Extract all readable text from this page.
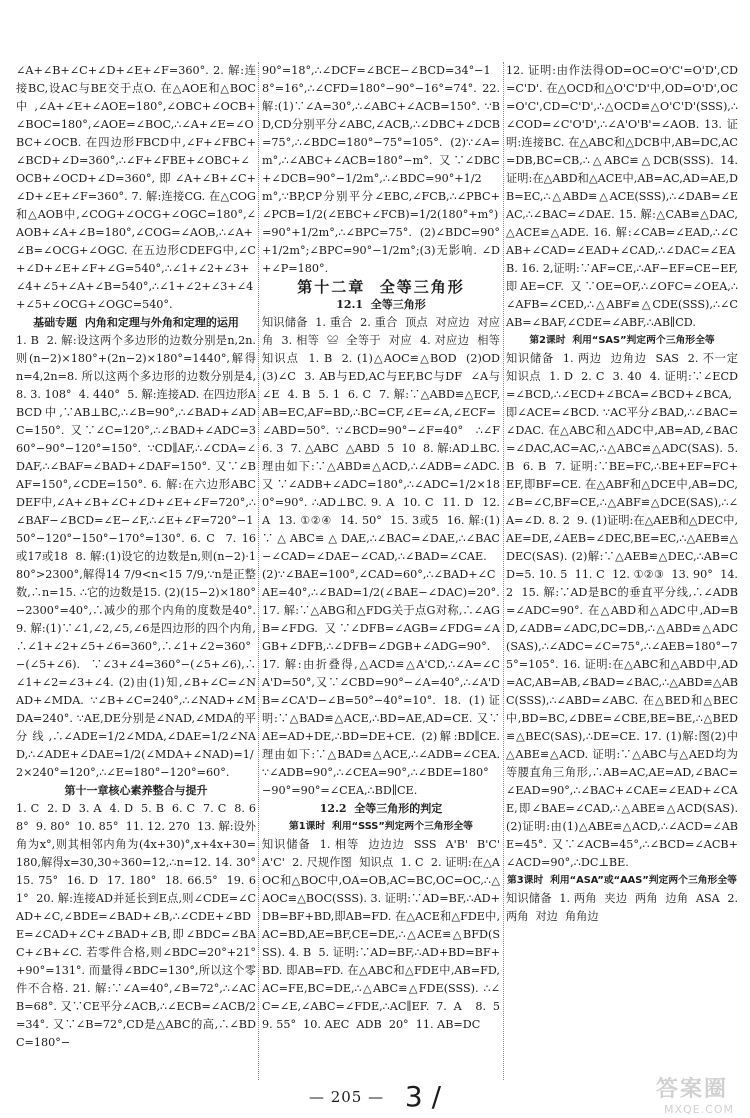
∠A+∠B+∠C+∠D+∠E+∠F=360°. 2. 解:连接BC,设AC与BE交于点O. 在△AOE和△BOC中,∠A+∠E+∠AOE=180°,∠OBC+∠OCB+∠BOC=180°,∠AOE=∠BOC,∴∠A+∠E=∠OBC+∠OCB. 在四边形FBCD中,∠F+∠FBC+∠BCD+∠D=360°,∴∠F+∠FBE+∠OBC+∠OCB+∠OCD+∠D=360°,即∠A+∠B+∠C+∠D+∠E+∠F=360°. 7. 解:连接CG. 在△COG和△AOB中,∠COG+∠OCG+∠OGC=180°,∠AOB+∠A+∠B=180°,∠COG=∠AOB,∴∠A+∠B=∠OCG+∠OGC. 在五边形CDEFG中,∠C+∠D+∠E+∠F+∠G=540°,∴∠1+∠2+∠3+∠4+∠5+∠A+∠B=540°,∴∠1+∠2+∠3+∠4+∠5+∠OCG+∠OGC=540°.

基础专题  内角和定理与外角和定理的运用

1. B  2. 解:设这两个多边形的边数分别是n,2n. 则(n−2)×180°+(2n−2)×180°=1440°,解得n=4,2n=8. 所以这两个多边形的边数分别是4,8. 3. 108°  4. 440°  5. 解:连接AD. 在四边形ABCD中,∵AB⊥BC,∴∠B=90°,∴∠BAD+∠ADC=150°. 又∵∠C=120°,∴∠BAD+∠ADC=360°−90°−120°=150°. ∵CD∥AF,∴∠CDA=∠DAF,∴∠BAF=∠BAD+∠DAF=150°. 又∵∠BAF=150°,∠CDE=150°. 6. 解:在六边形ABCDEF中,∠A+∠B+∠C+∠D+∠E+∠F=720°,∴∠BAF−∠BCD=∠E−∠F,∴∠E+∠F=720°−150°−120°−150°−170°=130°. 6. C  7. 16或17或18  8. 解:(1)设它的边数是n,则(n−2)·180°>2300°,解得14 7/9<n<15 7/9,∵n是正整数,∴n=15. ∴它的边数是15. (2)(15−2)×180°−2300°=40°,∴减少的那个内角的度数是40°. 9. 解:(1)∵∠1,∠2,∠5,∠6是四边形的四个内角,∴∠1+∠2+∠5+∠6=360°,∴∠1+∠2=360°−(∠5+∠6). ∵∠3+∠4=360°−(∠5+∠6),∴∠1+∠2=∠3+∠4. (2)由(1)知,∠B+∠C=∠NAD+∠MDA. ∵∠B+∠C=240°,∴∠NAD+∠MDA=240°. ∵AE,DE分别是∠NAD,∠MDA的平分线,∴∠ADE=1/2∠MDA,∠DAE=1/2∠NAD,∴∠ADE+∠DAE=1/2(∠MDA+∠NAD)=1/2×240°=120°,∴∠E=180°−120°=60°.

第十一章核心素养整合与提升

1. C  2. D  3. A  4. D  5. B  6. C  7. C  8. 68°  9. 80°  10. 85°  11. 12. 270  13. 解:设外角为x°,则其相邻内角为(4x+30)°,x+4x+30=180,解得x=30,30÷360=12,∴n=12. 14. 30°  15. 75°  16. D  17. 180°  18. 66.5°  19. 61°  20. 解:连接AD并延长到E点,则∠CDE=∠CAD+∠C,∠BDE=∠BAD+∠B,∴∠CDE+∠BDE=∠CAD+∠C+∠BAD+∠B,即∠BDC=∠BAC+∠B+∠C. 若零件合格,则∠BDC=20°+21°+90°=131°. 而量得∠BDC=130°,所以这个零件不合格. 21. 解:∵∠A=40°,∠B=72°,∴∠ACB=68°. 又∵CE平分∠ACB,∴∠ECB=∠ACB/2=34°. 又∵∠B=72°,CD是△ABC的高,∴∠BDC=180°−

90°=18°,∴∠DCF=∠BCE−∠BCD=34°−18°=16°,∴∠CFD=180°−90°−16°=74°. 22. 解:(1)∵∠A=30°,∴∠ABC+∠ACB=150°. ∵BD,CD分别平分∠ABC,∠ACB,∴∠DBC+∠DCB=75°,∴∠BDC=180°−75°=105°. (2)∵∠A=m°,∴∠ABC+∠ACB=180°−m°. 又∵∠DBC+∠DCB=90°−1/2m°,∴∠BDC=90°+1/2m°,∵BP,CP分别平分∠EBC,∠FCB,∴∠PBC+∠PCB=1/2(∠EBC+∠FCB)=1/2(180°+m°)=90°+1/2m°,∴∠BPC=75°. (2)∠BDC=90°+1/2m°;∠BPC=90°−1/2m°;(3)无影响. ∠D+∠P=180°.

第十二章  全等三角形

12.1  全等三角形

知识储备  1. 重合  2. 重合  顶点  对应边  对应角  3. 相等  ≌  全等于  对应  4. 对应边  相等  知识点  1. B  2. (1)△AOC≌△BOD  (2)OD  (3)∠C  3. AB与ED,AC与EF,BC与DF  ∠A与∠E  4. B  5. 1  6. C  7. 解:∵△ABD≌△ECF,AB=EC,AF=BD,∴BC=CF,∠E=∠A,∠ECF=∠ABD=50°. ∵∠BCD=90°−∠F=40°  ∴∠F  6. 3  7. △ABC  △ABD  5  10  8. 解:AD⊥BC. 理由如下:∵△ABD≌△ACD,∴∠ADB=∠ADC. 又∵∠ADB+∠ADC=180°,∴∠ADC=1/2×180°=90°. ∴AD⊥BC. 9. A  10. C  11. D  12. A  13. ①②④  14. 50°  15. 3或5  16. 解:(1)∵△ABC≌△DAE,∴∠BAC=∠DAE,∴∠BAC−∠CAD=∠DAE−∠CAD,∴∠BAD=∠CAE. (2)∵∠BAE=100°,∠CAD=60°,∴∠BAD+∠CAE=40°,∴∠BAD=1/2(∠BAE−∠DAC)=20°. 17. 解:∵△ABG和△FDG关于点G对称,∴∠AGB=∠FDG. 又∵∠DFB=∠AGB=∠FDG=∠AGB+∠DFB,∴∠DFB=∠DGB+∠ADG=90°. 17. 解:由折叠得,△ACD≌△A'CD,∴∠A=∠CA'D=50°,又∵∠CBD=90°−∠A=40°,∴∠A'DB=∠CA'D−∠B=50°−40°=10°. 18. (1)证明:∵△BAD≌△ACE,∴BD=AE,AD=CE. 又∵AE=AD+DE,∴BD=DE+CE. (2)解:BD∥CE. 理由如下:∵△BAD≌△ACE,∴∠ADB=∠CEA. ∵∠ADB=90°,∴∠CEA=90°,∴∠BDE=180°−90°=90°=∠CEA,∴BD∥CE.

12.2  全等三角形的判定

第1课时  利用“SSS”判定两个三角形全等

知识储备  1. 相等  边边边  SSS  A'B'  B'C'  A'C'  2. 尺规作图  知识点  1. C  2. 证明:在△AOC和△BOC中,OA=OB,AC=BC,OC=OC,∴△AOC≌△BOC(SSS). 3. 证明:∵AD=BF,∴AD+DB=BF+BD,即AB=FD. 在△ACE和△FDE中,AC=BD,AE=BF,CE=DE,∴△ACE≌△BFD(SSS). 4. B  5. 证明:∵AD=BF,∴AD+BD=BF+BD. 即AB=FD. 在△ABC和△FDE中,AB=FD,AC=FE,BC=DE,∴△ABC≌△FDE(SSS). ∴∠C=∠E,∠ABC=∠FDE,∴AC∥EF. 7. A  8. 5  9. 55°  10. AEC  ADB  20°  11. AB=DC

12. 证明:由作法得OD=OC=O'C'=O'D',CD=C'D'. 在△OCD和△O'C'D'中,OD=O'D',OC=O'C',CD=C'D',∴△OCD≌△O'C'D'(SSS),∴∠COD=∠C'O'D',∴∠A'O'B'=∠AOB. 13. 证明:连接BC. 在△ABC和△DCB中,AB=DC,AC=DB,BC=CB,∴△ABC≌△DCB(SSS). 14. 证明:在△ABD和△ACE中,AB=AC,AD=AE,DB=EC,∴△ABD≌△ACE(SSS),∴∠DAB=∠EAC,∴∠BAC=∠DAE. 15. 解:△CAB≌△DAC,△ACE≌△ADE. 16. 解:∠CAB=∠EAD,∴∠CAB+∠CAD=∠EAD+∠CAD,∴∠DAC=∠EAB. 16. 2,证明:∵AF=CE,∴AF−EF=CE−EF,即AE=CF. 又∵OE=OF,∴∠OFC=∠OEA,∴∠AFB=∠CED,∴△ABF≌△CDE(SSS),∴∠CAB=∠BAF,∠CDE=∠ABF,∴AB∥CD.

第2课时  利用“SAS”判定两个三角形全等

知识储备  1. 两边  边角边  SAS  2. 不一定  知识点  1. D  2. C  3. 40  4. 证明:∵∠ECD=∠BCD,∴∠ECD+∠BCA=∠BCD+∠BCA,即∠ACE=∠BCD. ∵AC平分∠BAD,∴∠BAC=∠DAC. 在△ABC和△ADC中,AB=AD,∠BAC=∠DAC,AC=AC,∴△ABC≌△ADC(SAS). 5. B  6. B  7. 证明:∵BE=FC,∴BE+EF=FC+EF,即BF=CE. 在△ABF和△DCE中,AB=DC,∠B=∠C,BF=CE,∴△ABF≌△DCE(SAS),∴∠A=∠D. 8. 2  9. (1)证明:在△AEB和△DEC中,AE=DE,∠AEB=∠DEC,BE=EC,∴△AEB≌△DEC(SAS). (2)解:∵△AEB≌△DEC,∴AB=CD=5. 10. 5  11. C  12. ①②③  13. 90°  14. 2  15. 解:∵AD是BC的垂直平分线,∴∠ADB=∠ADC=90°. 在△ABD和△ADC中,AD=BD,∠ADB=∠ADC,DC=DB,∴△ABD≌△ADC(SAS),∴∠ADC=∠C=75°,∴∠AEB=180°−75°=105°. 16. 证明:在△ABC和△ABD中,AD=AC,AB=AB,∠BAD=∠BAC,∴△ABD≌△ABC(SSS),∴∠ABD=∠ABC. 在△BED和△BEC中,BD=BC,∠DBE=∠CBE,BE=BE,∴△BED≌△BEC(SAS),∴DE=CE. 17. (1)解:图(2)中△ABE≌△ACD. 证明:∵△ABC与△AED均为等腰直角三角形,∴AB=AC,AE=AD,∠BAC=∠EAD=90°,∴∠BAC+∠CAE=∠EAD+∠CAE,即∠BAE=∠CAD,∴△ABE≌△ACD(SAS). (2)证明:由(1)△ABE≌△ACD,∴∠ACD=∠ABE=45°. 又∵∠ACB=45°,∴∠BCD=∠ACB+∠ACD=90°,∴DC⊥BE.

第3课时  利用“ASA”或“AAS”判定两个三角形全等

知识储备  1. 两角  夹边  两角  边角  ASA  2. 两角  对边  角角边

— 205 — 3 /	答案圈
MXQE.COM
